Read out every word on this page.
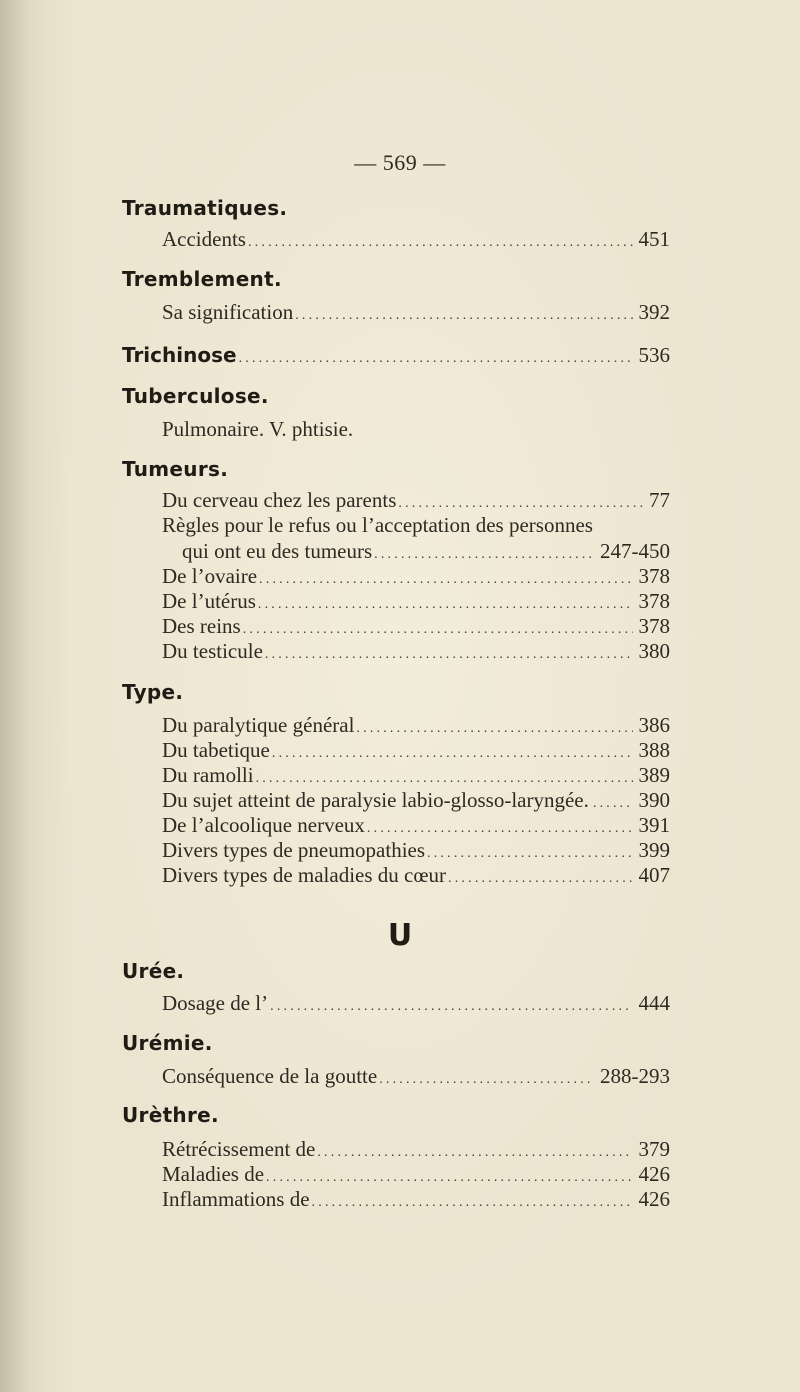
— 569 —
Traumatiques.
Accidents .....	451
Tremblement.
Sa signification .....	392
Trichinose .....	536
Tuberculose.
Pulmonaire. V. phtisie.
Tumeurs.
Du cerveau chez les parents .....	77
Règles pour le refus ou l’acceptation des personnes
qui ont eu des tumeurs .....	247-450
De l’ovaire .....	378
De l’utérus .....	378
Des reins .....	378
Du testicule .....	380
Type.
Du paralytique général .....	386
Du tabetique .....	388
Du ramolli .....	389
Du sujet atteint de paralysie labio-glosso-laryngée. ..... 390
De l’alcoolique nerveux .....	391
Divers types de pneumopathies .....	399
Divers types de maladies du cœur .....	407
U
Urée.
Dosage de l’ .....	444
Urémie.
Conséquence de la goutte .....	288-293
Urèthre.
Rétrécissement de .....	379
Maladies de .....	426
Inflammations de .....	426
